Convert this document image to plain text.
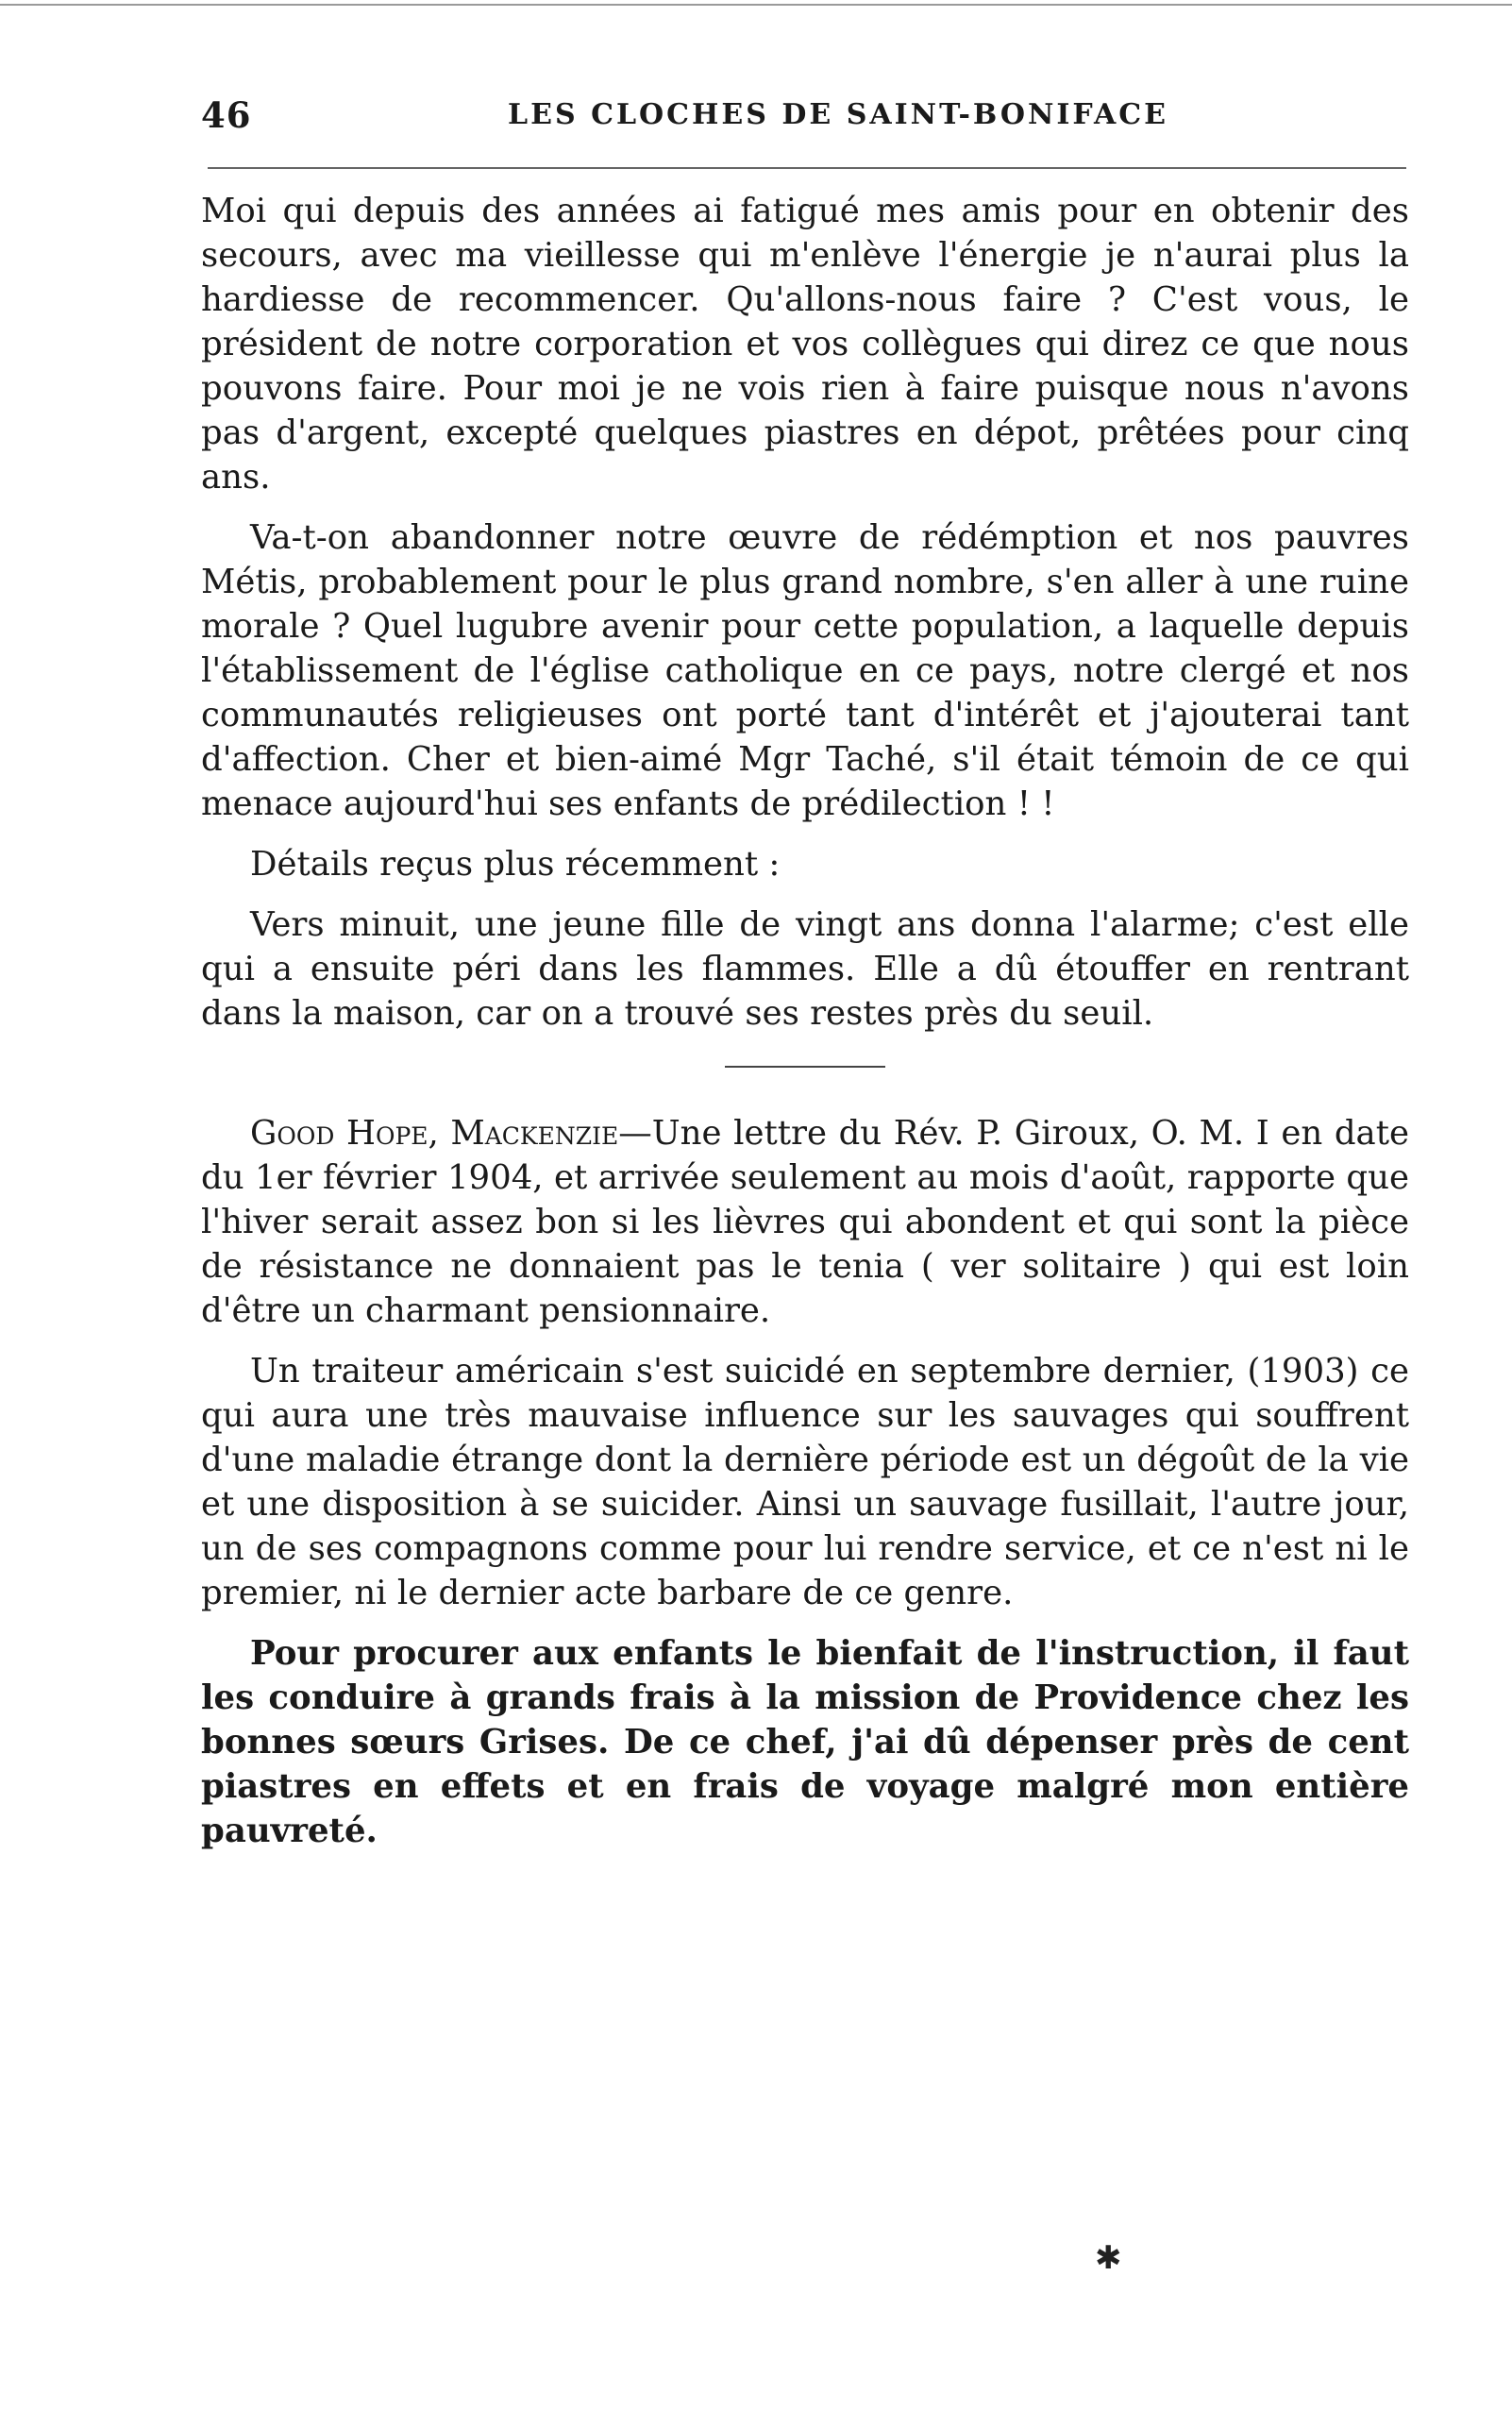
46	LES CLOCHES DE SAINT-BONIFACE

Moi qui depuis des années ai fatigué mes amis pour en obtenir des secours, avec ma vieillesse qui m'enlève l'énergie je n'aurai plus la hardiesse de recommencer. Qu'allons-nous faire ? C'est vous, le président de notre corporation et vos collègues qui direz ce que nous pouvons faire. Pour moi je ne vois rien à faire puisque nous n'avons pas d'argent, excepté quelques piastres en dépot, prêtées pour cinq ans.

Va-t-on abandonner notre œuvre de rédémption et nos pauvres Métis, probablement pour le plus grand nombre, s'en aller à une ruine morale ? Quel lugubre avenir pour cette population, a laquelle depuis l'établissement de l'église catholique en ce pays, notre clergé et nos communautés religieuses ont porté tant d'intérêt et j'ajouterai tant d'affection. Cher et bien-aimé Mgr Taché, s'il était témoin de ce qui menace aujourd'hui ses enfants de prédilection ! !

Détails reçus plus récemment :

Vers minuit, une jeune fille de vingt ans donna l'alarme; c'est elle qui a ensuite péri dans les flammes. Elle a dû étouffer en rentrant dans la maison, car on a trouvé ses restes près du seuil.

Good Hope, Mackenzie—Une lettre du Rév. P. Giroux, O. M. I en date du 1er février 1904, et arrivée seulement au mois d'août, rapporte que l'hiver serait assez bon si les lièvres qui abondent et qui sont la pièce de résistance ne donnaient pas le tenia ( ver solitaire ) qui est loin d'être un charmant pensionnaire.

Un traiteur américain s'est suicidé en septembre dernier, (1903) ce qui aura une très mauvaise influence sur les sauvages qui souffrent d'une maladie étrange dont la dernière période est un dégoût de la vie et une disposition à se suicider. Ainsi un sauvage fusillait, l'autre jour, un de ses compagnons comme pour lui rendre service, et ce n'est ni le premier, ni le dernier acte barbare de ce genre.

Pour procurer aux enfants le bienfait de l'instruction, il faut les conduire à grands frais à la mission de Providence chez les bonnes sœurs Grises. De ce chef, j'ai dû dépenser près de cent piastres en effets et en frais de voyage malgré mon entière pauvreté.

✱
